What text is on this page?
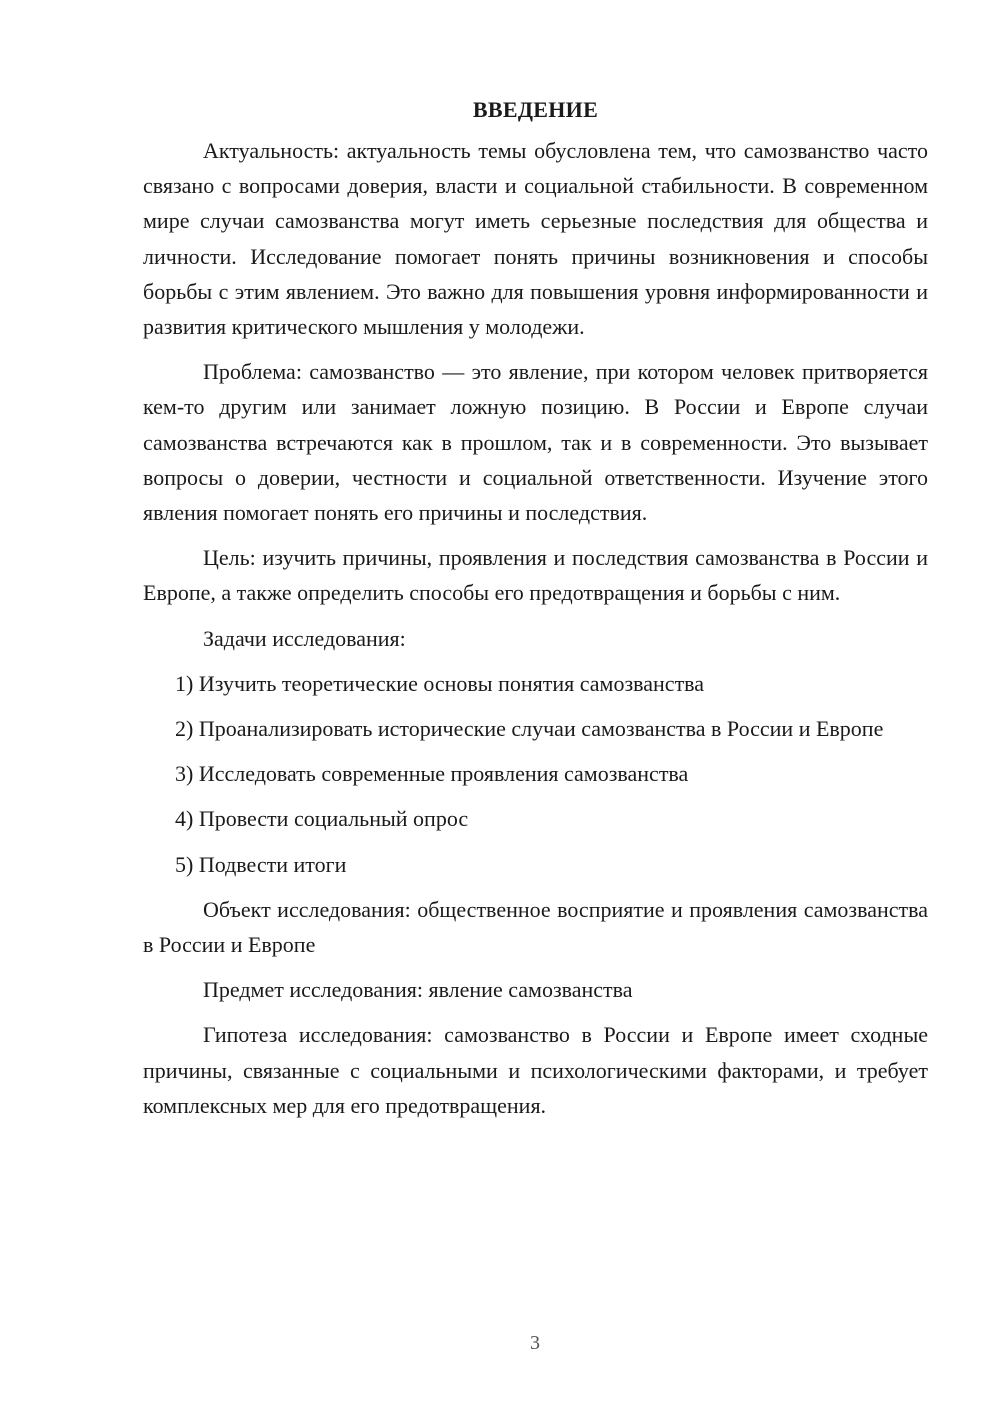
ВВЕДЕНИЕ

Актуальность: актуальность темы обусловлена тем, что самозванство часто связано с вопросами доверия, власти и социальной стабильности. В современном мире случаи самозванства могут иметь серьезные последствия для общества и личности. Исследование помогает понять причины возникновения и способы борьбы с этим явлением. Это важно для повышения уровня информированности и развития критического мышления у молодежи.

Проблема: самозванство — это явление, при котором человек притворяется кем-то другим или занимает ложную позицию. В России и Европе случаи самозванства встречаются как в прошлом, так и в современности. Это вызывает вопросы о доверии, честности и социальной ответственности. Изучение этого явления помогает понять его причины и последствия.

Цель: изучить причины, проявления и последствия самозванства в России и Европе, а также определить способы его предотвращения и борьбы с ним.

Задачи исследования:

1) Изучить теоретические основы понятия самозванства

2) Проанализировать исторические случаи самозванства в России и Европе

3) Исследовать современные проявления самозванства

4) Провести социальный опрос

5) Подвести итоги

Объект исследования: общественное восприятие и проявления самозванства в России и Европе

Предмет исследования: явление самозванства

Гипотеза исследования: самозванство в России и Европе имеет сходные причины, связанные с социальными и психологическими факторами, и требует комплексных мер для его предотвращения.

3
